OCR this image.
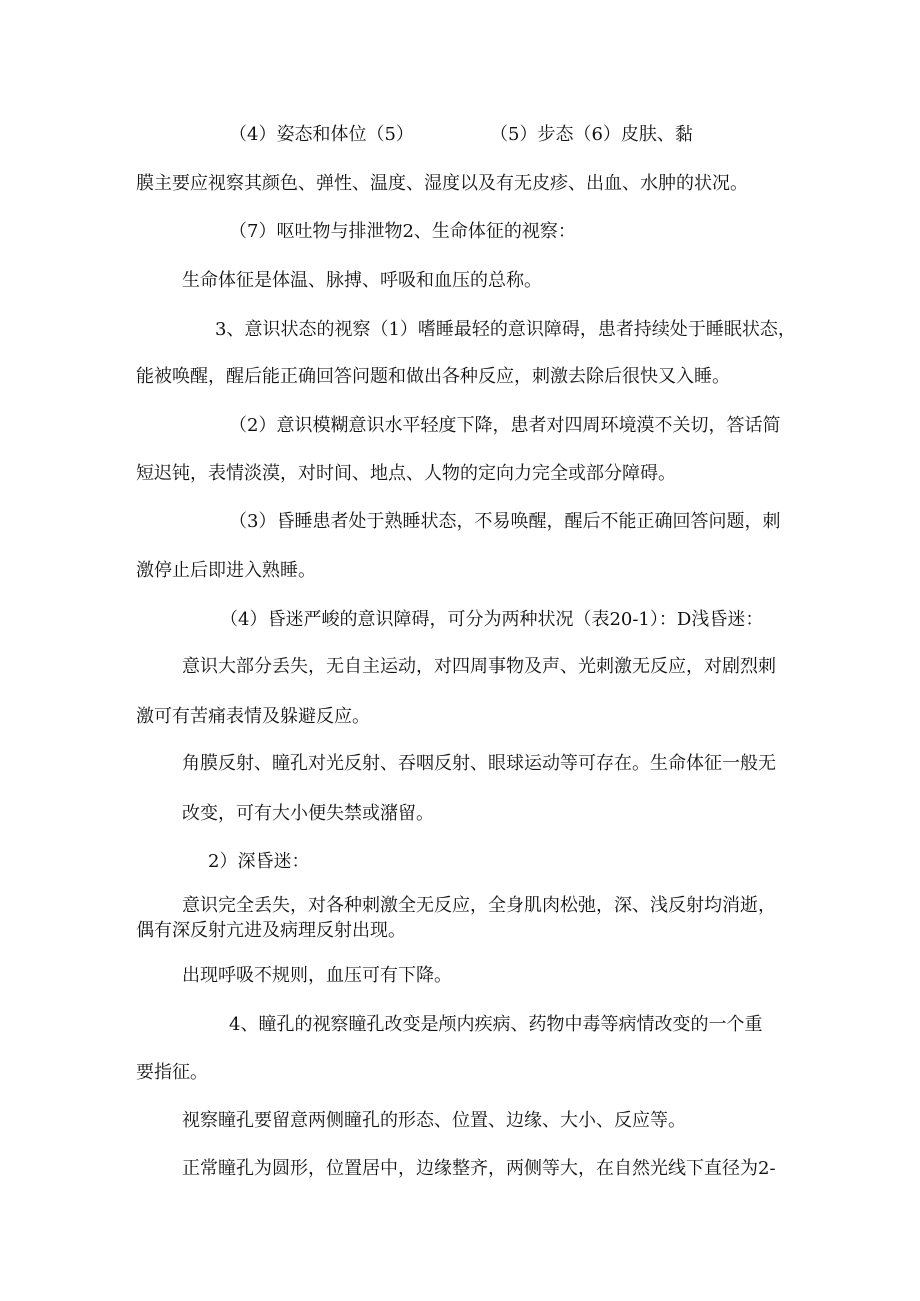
（4）姿态和体位（5）	（5）步态（6）皮肤、黏
膜主要应视察其颜色、弹性、温度、湿度以及有无皮疹、出血、水肿的状况。
（7）呕吐物与排泄物2、生命体征的视察：
生命体征是体温、脉搏、呼吸和血压的总称。
3、意识状态的视察（1）嗜睡最轻的意识障碍，患者持续处于睡眠状态，
能被唤醒，醒后能正确回答问题和做出各种反应，刺激去除后很快又入睡。
（2）意识模糊意识水平轻度下降，患者对四周环境漠不关切，答话简
短迟钝，表情淡漠，对时间、地点、人物的定向力完全或部分障碍。
（3）昏睡患者处于熟睡状态，不易唤醒，醒后不能正确回答问题，刺
激停止后即进入熟睡。
（4）昏迷严峻的意识障碍，可分为两种状况（表20-1）：D浅昏迷：
意识大部分丢失，无自主运动，对四周事物及声、光刺激无反应，对剧烈刺
激可有苦痛表情及躲避反应。
角膜反射、瞳孔对光反射、吞咽反射、眼球运动等可存在。生命体征一般无
改变，可有大小便失禁或潴留。
2）深昏迷：
意识完全丢失，对各种刺激全无反应，全身肌肉松弛，深、浅反射均消逝，
偶有深反射亢进及病理反射出现。
出现呼吸不规则，血压可有下降。
4、瞳孔的视察瞳孔改变是颅内疾病、药物中毒等病情改变的一个重
要指征。
视察瞳孔要留意两侧瞳孔的形态、位置、边缘、大小、反应等。
正常瞳孔为圆形，位置居中，边缘整齐，两侧等大，在自然光线下直径为2-
